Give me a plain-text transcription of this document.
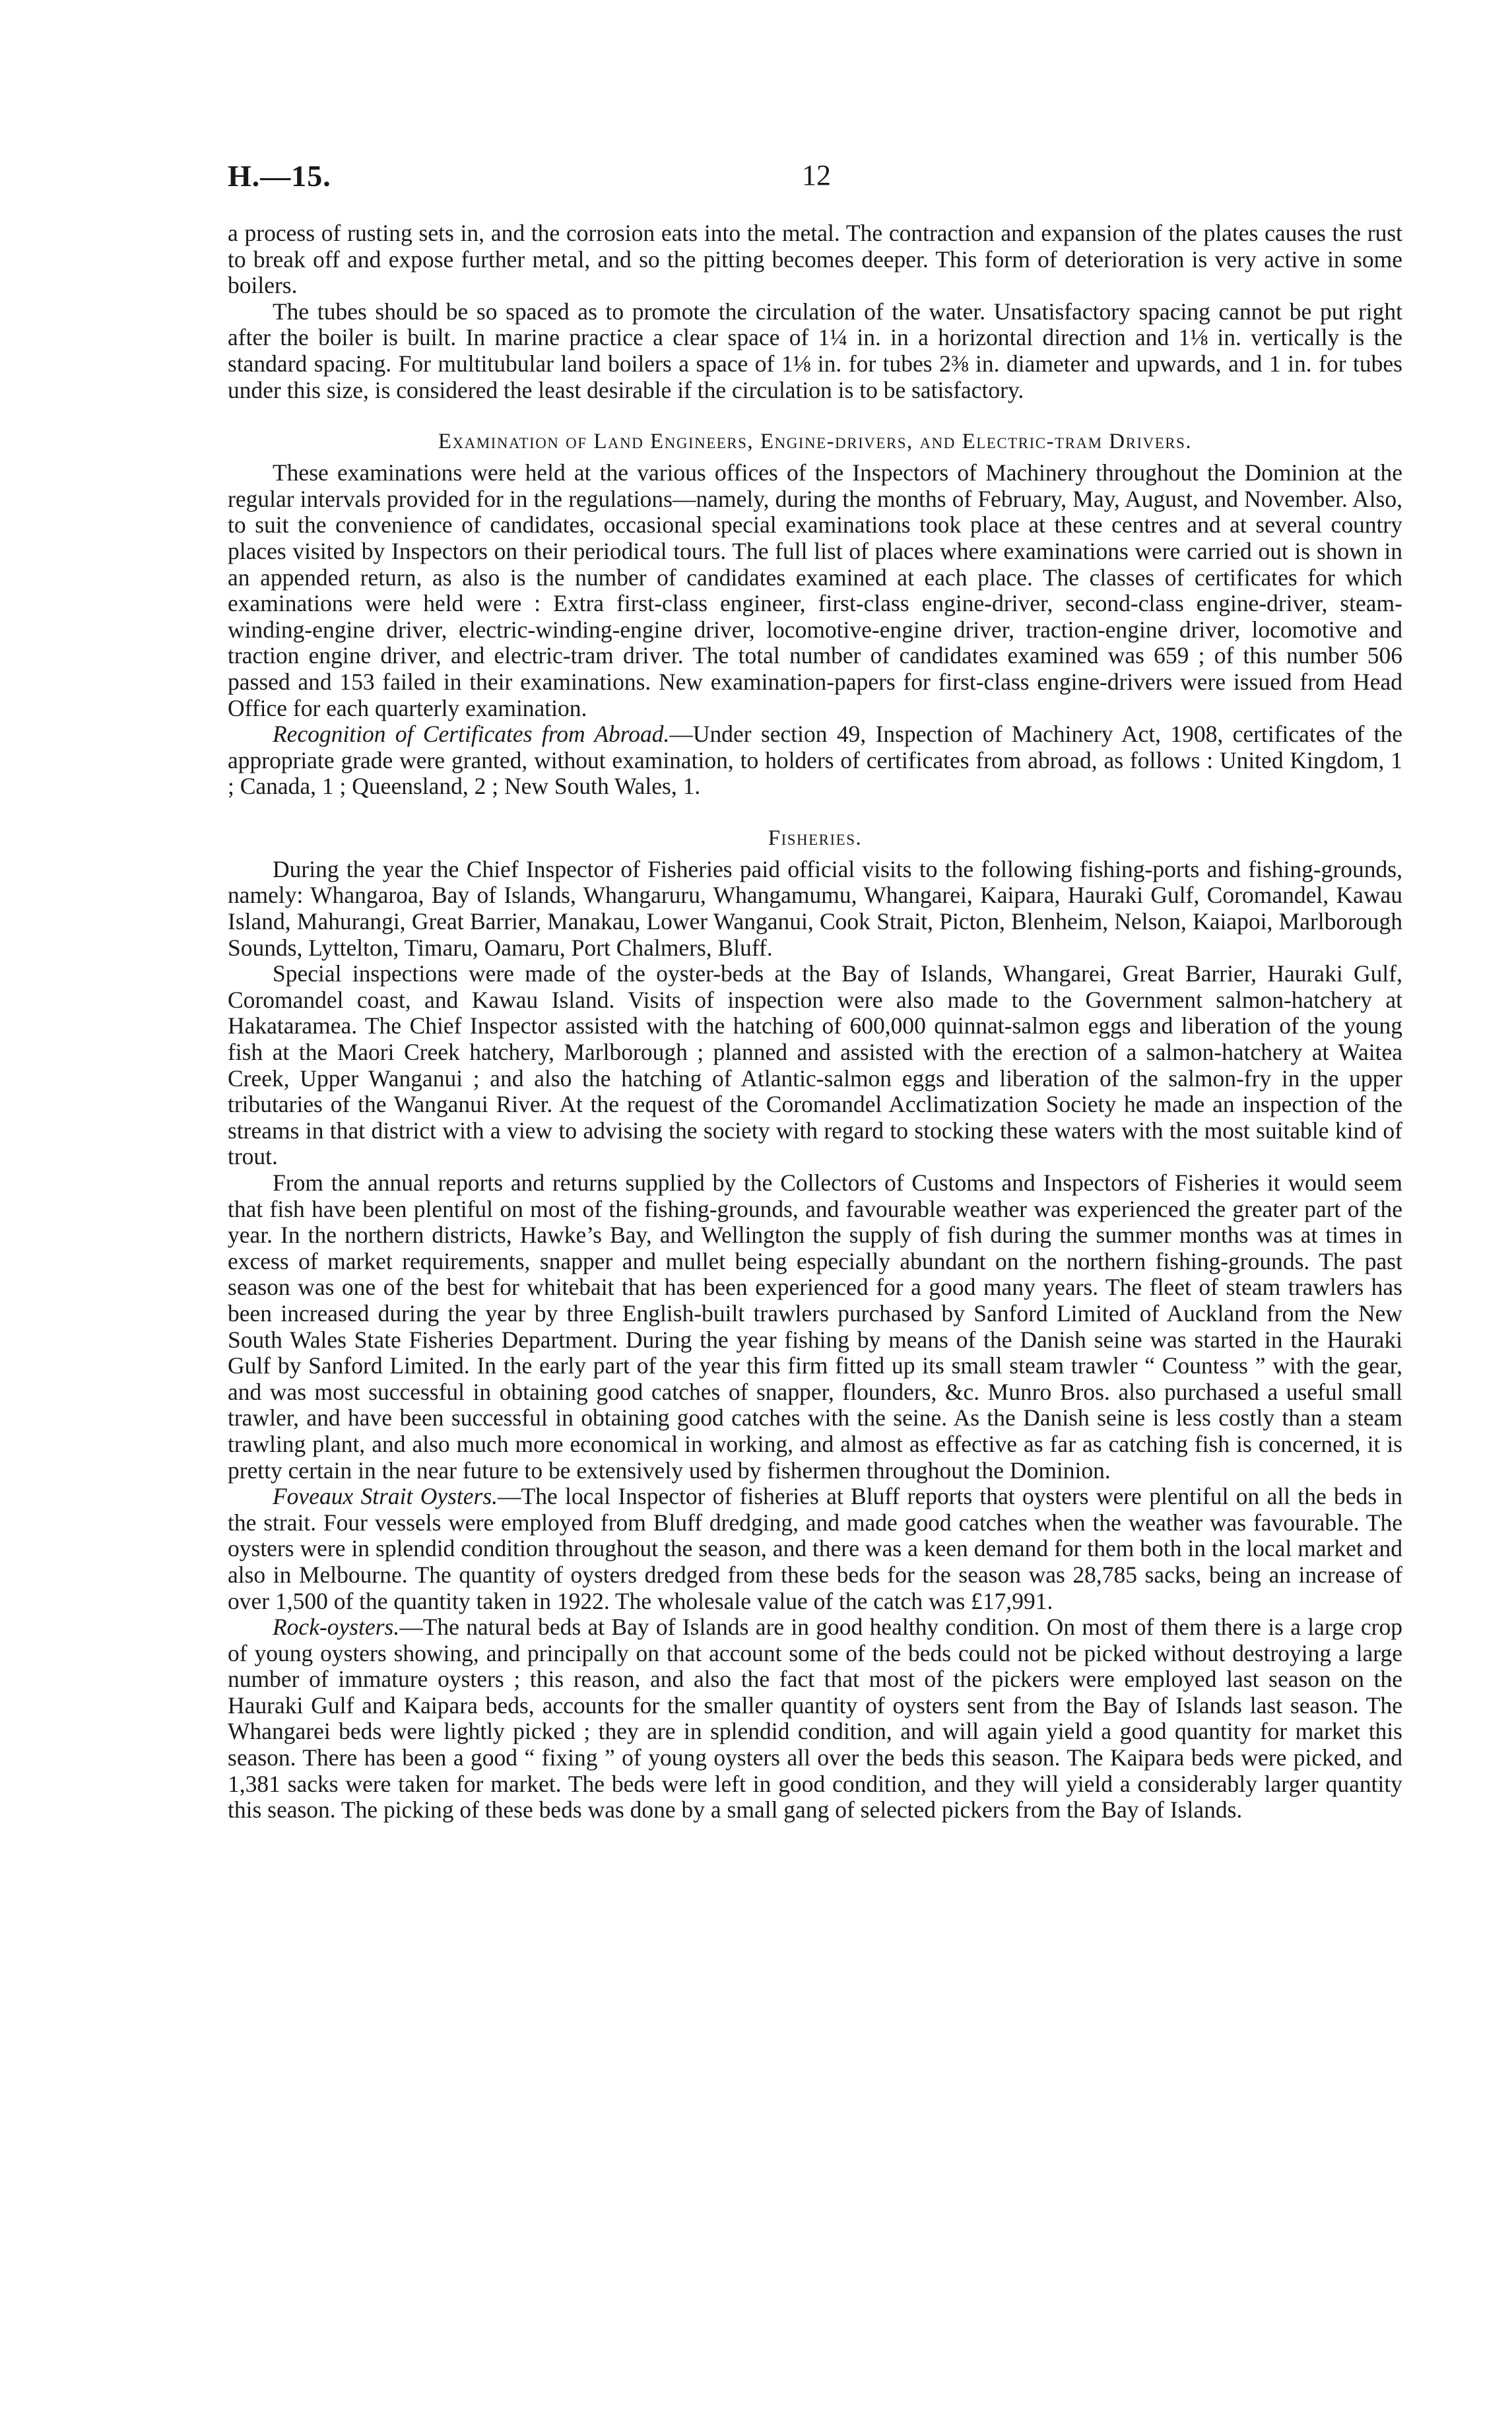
H.—15.	12

a process of rusting sets in, and the corrosion eats into the metal. The contraction and expansion of the plates causes the rust to break off and expose further metal, and so the pitting becomes deeper. This form of deterioration is very active in some boilers.

The tubes should be so spaced as to promote the circulation of the water. Unsatisfactory spacing cannot be put right after the boiler is built. In marine practice a clear space of 1¼ in. in a horizontal direction and 1⅛ in. vertically is the standard spacing. For multitubular land boilers a space of 1⅛ in. for tubes 2⅜ in. diameter and upwards, and 1 in. for tubes under this size, is considered the least desirable if the circulation is to be satisfactory.

Examination of Land Engineers, Engine-drivers, and Electric-tram Drivers.

These examinations were held at the various offices of the Inspectors of Machinery throughout the Dominion at the regular intervals provided for in the regulations—namely, during the months of February, May, August, and November. Also, to suit the convenience of candidates, occasional special examinations took place at these centres and at several country places visited by Inspectors on their periodical tours. The full list of places where examinations were carried out is shown in an appended return, as also is the number of candidates examined at each place. The classes of certificates for which examinations were held were : Extra first-class engineer, first-class engine-driver, second-class engine-driver, steam-winding-engine driver, electric-winding-engine driver, locomotive-engine driver, traction-engine driver, locomotive and traction engine driver, and electric-tram driver. The total number of candidates examined was 659 ; of this number 506 passed and 153 failed in their examinations. New examination-papers for first-class engine-drivers were issued from Head Office for each quarterly examination.

Recognition of Certificates from Abroad.—Under section 49, Inspection of Machinery Act, 1908, certificates of the appropriate grade were granted, without examination, to holders of certificates from abroad, as follows : United Kingdom, 1 ; Canada, 1 ; Queensland, 2 ; New South Wales, 1.

Fisheries.

During the year the Chief Inspector of Fisheries paid official visits to the following fishing-ports and fishing-grounds, namely: Whangaroa, Bay of Islands, Whangaruru, Whangamumu, Whangarei, Kaipara, Hauraki Gulf, Coromandel, Kawau Island, Mahurangi, Great Barrier, Manakau, Lower Wanganui, Cook Strait, Picton, Blenheim, Nelson, Kaiapoi, Marlborough Sounds, Lyttelton, Timaru, Oamaru, Port Chalmers, Bluff.

Special inspections were made of the oyster-beds at the Bay of Islands, Whangarei, Great Barrier, Hauraki Gulf, Coromandel coast, and Kawau Island. Visits of inspection were also made to the Government salmon-hatchery at Hakataramea. The Chief Inspector assisted with the hatching of 600,000 quinnat-salmon eggs and liberation of the young fish at the Maori Creek hatchery, Marlborough ; planned and assisted with the erection of a salmon-hatchery at Waitea Creek, Upper Wanganui ; and also the hatching of Atlantic-salmon eggs and liberation of the salmon-fry in the upper tributaries of the Wanganui River. At the request of the Coromandel Acclimatization Society he made an inspection of the streams in that district with a view to advising the society with regard to stocking these waters with the most suitable kind of trout.

From the annual reports and returns supplied by the Collectors of Customs and Inspectors of Fisheries it would seem that fish have been plentiful on most of the fishing-grounds, and favourable weather was experienced the greater part of the year. In the northern districts, Hawke’s Bay, and Wellington the supply of fish during the summer months was at times in excess of market requirements, snapper and mullet being especially abundant on the northern fishing-grounds. The past season was one of the best for whitebait that has been experienced for a good many years. The fleet of steam trawlers has been increased during the year by three English-built trawlers purchased by Sanford Limited of Auckland from the New South Wales State Fisheries Department. During the year fishing by means of the Danish seine was started in the Hauraki Gulf by Sanford Limited. In the early part of the year this firm fitted up its small steam trawler “ Countess ” with the gear, and was most successful in obtaining good catches of snapper, flounders, &c. Munro Bros. also purchased a useful small trawler, and have been successful in obtaining good catches with the seine. As the Danish seine is less costly than a steam trawling plant, and also much more economical in working, and almost as effective as far as catching fish is concerned, it is pretty certain in the near future to be extensively used by fishermen throughout the Dominion.

Foveaux Strait Oysters.—The local Inspector of fisheries at Bluff reports that oysters were plentiful on all the beds in the strait. Four vessels were employed from Bluff dredging, and made good catches when the weather was favourable. The oysters were in splendid condition throughout the season, and there was a keen demand for them both in the local market and also in Melbourne. The quantity of oysters dredged from these beds for the season was 28,785 sacks, being an increase of over 1,500 of the quantity taken in 1922. The wholesale value of the catch was £17,991.

Rock-oysters.—The natural beds at Bay of Islands are in good healthy condition. On most of them there is a large crop of young oysters showing, and principally on that account some of the beds could not be picked without destroying a large number of immature oysters ; this reason, and also the fact that most of the pickers were employed last season on the Hauraki Gulf and Kaipara beds, accounts for the smaller quantity of oysters sent from the Bay of Islands last season. The Whangarei beds were lightly picked ; they are in splendid condition, and will again yield a good quantity for market this season. There has been a good “ fixing ” of young oysters all over the beds this season. The Kaipara beds were picked, and 1,381 sacks were taken for market. The beds were left in good condition, and they will yield a considerably larger quantity this season. The picking of these beds was done by a small gang of selected pickers from the Bay of Islands.
